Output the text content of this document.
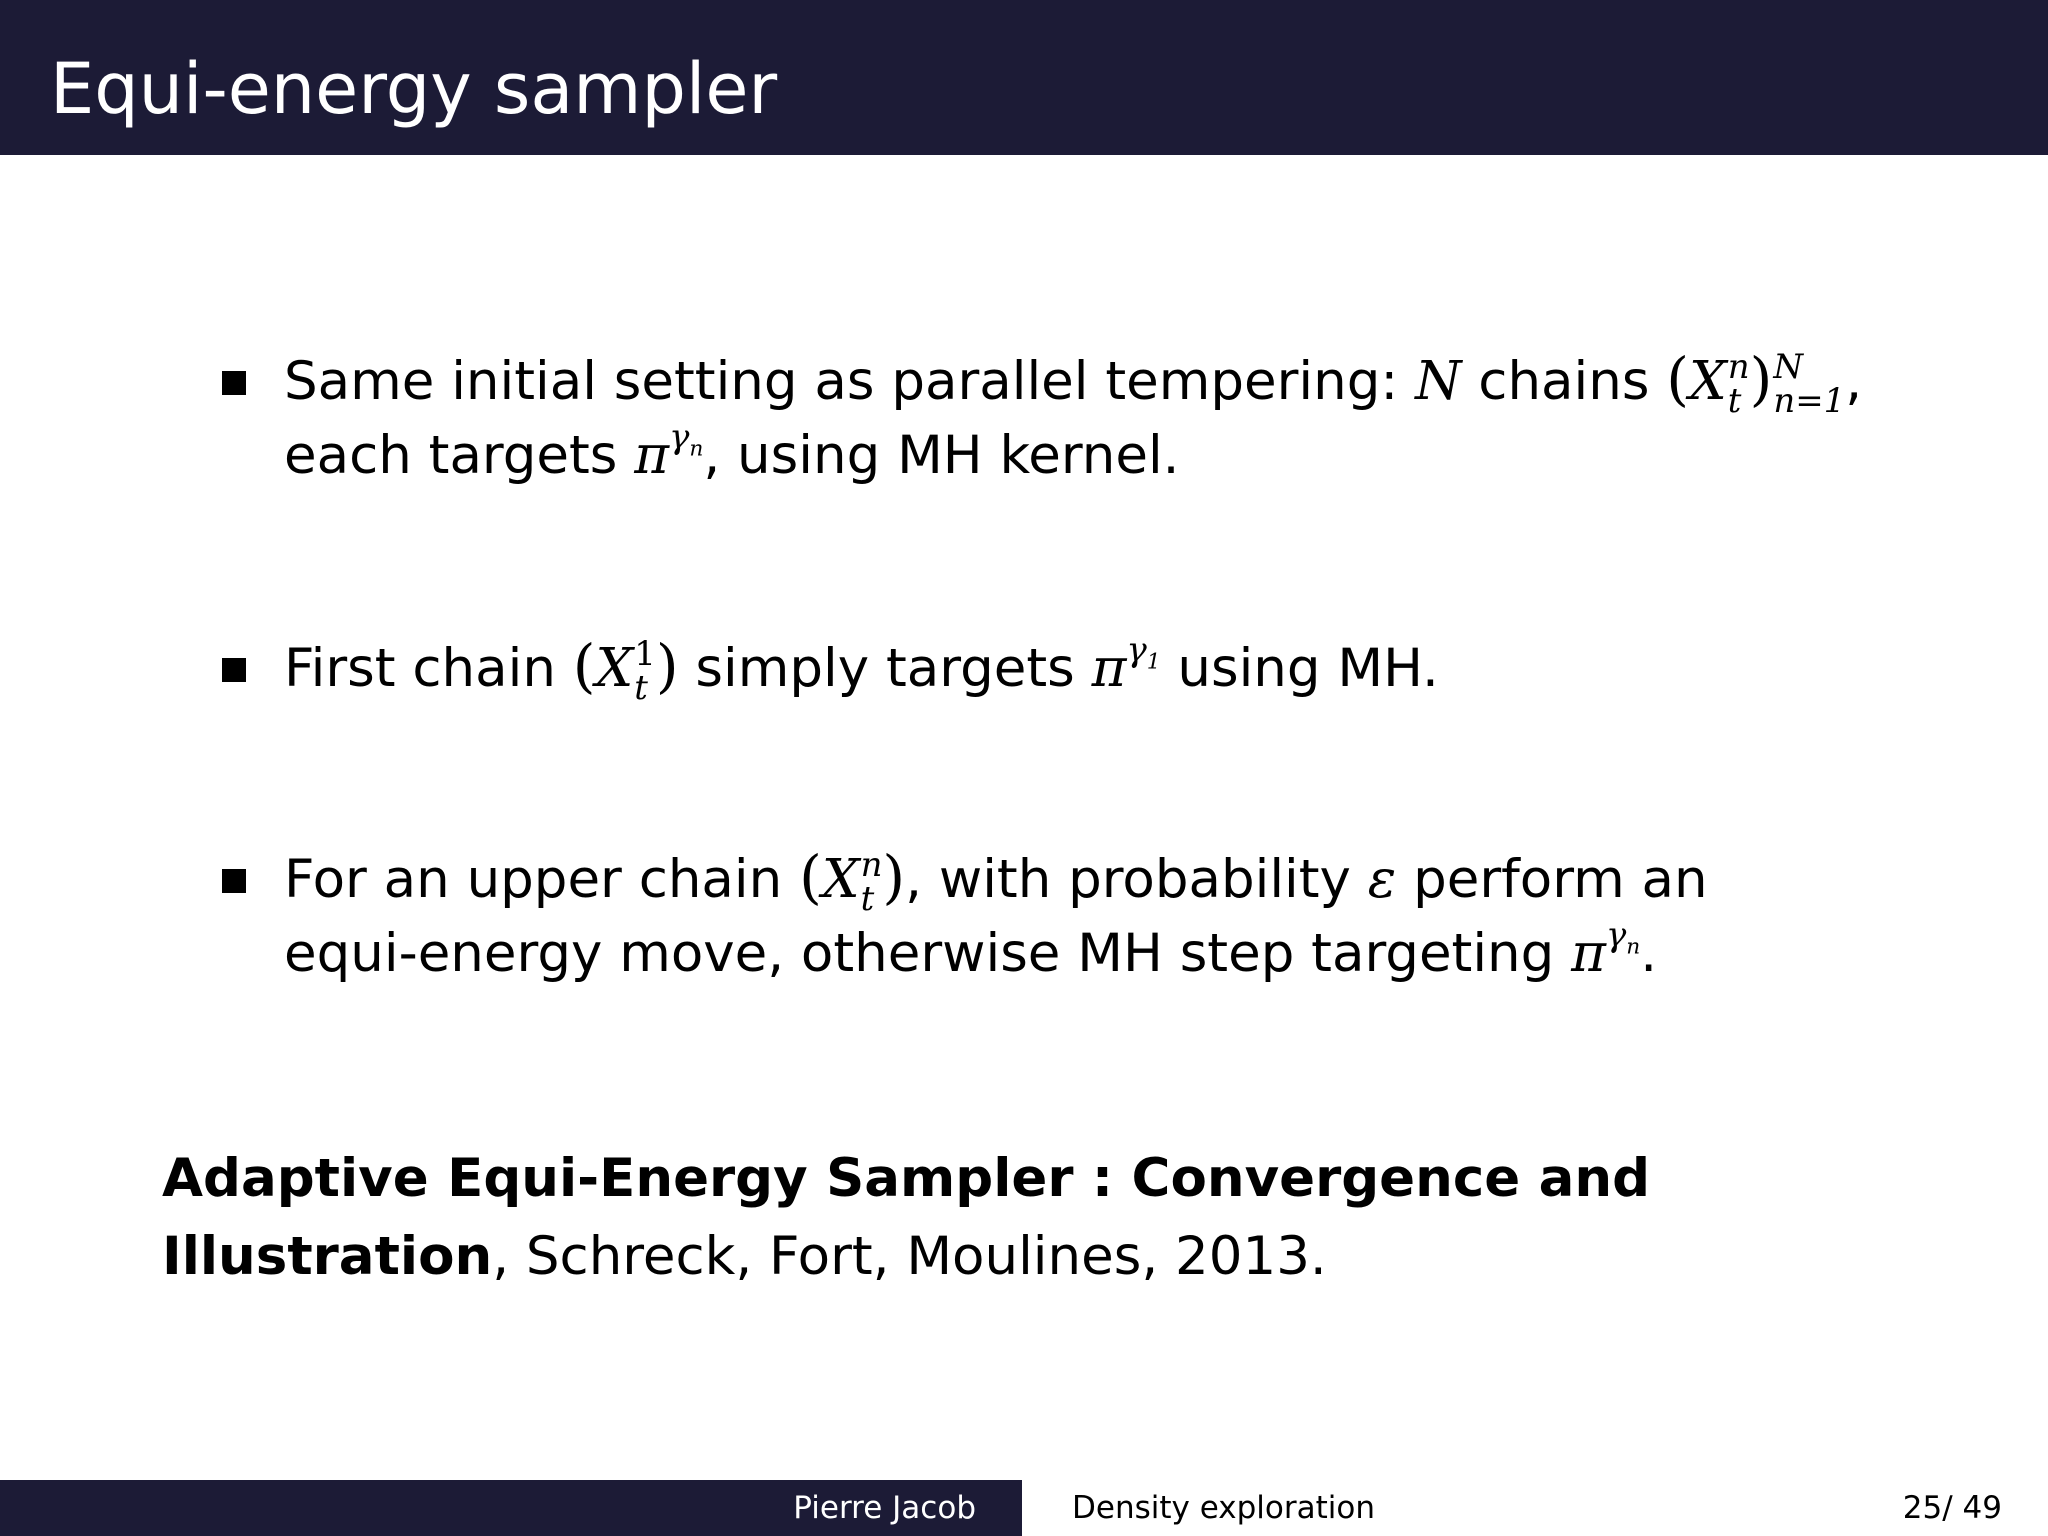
Equi-energy sampler
Same initial setting as parallel tempering: N chains (X n
t ) N
n=1 ,
each targets $\pi^{\gamma_n}$, using MH kernel.
First chain (X 1
t ) simply targets $\pi^{\gamma_1}$ using MH.
For an upper chain (X n
t ), with probability ε perform an
equi-energy move, otherwise MH step targeting $\pi^{\gamma_n}$.
Adaptive Equi-Energy Sampler : Convergence and
Illustration, Schreck, Fort, Moulines, 2013.
Pierre Jacob	Density exploration	25/ 49
